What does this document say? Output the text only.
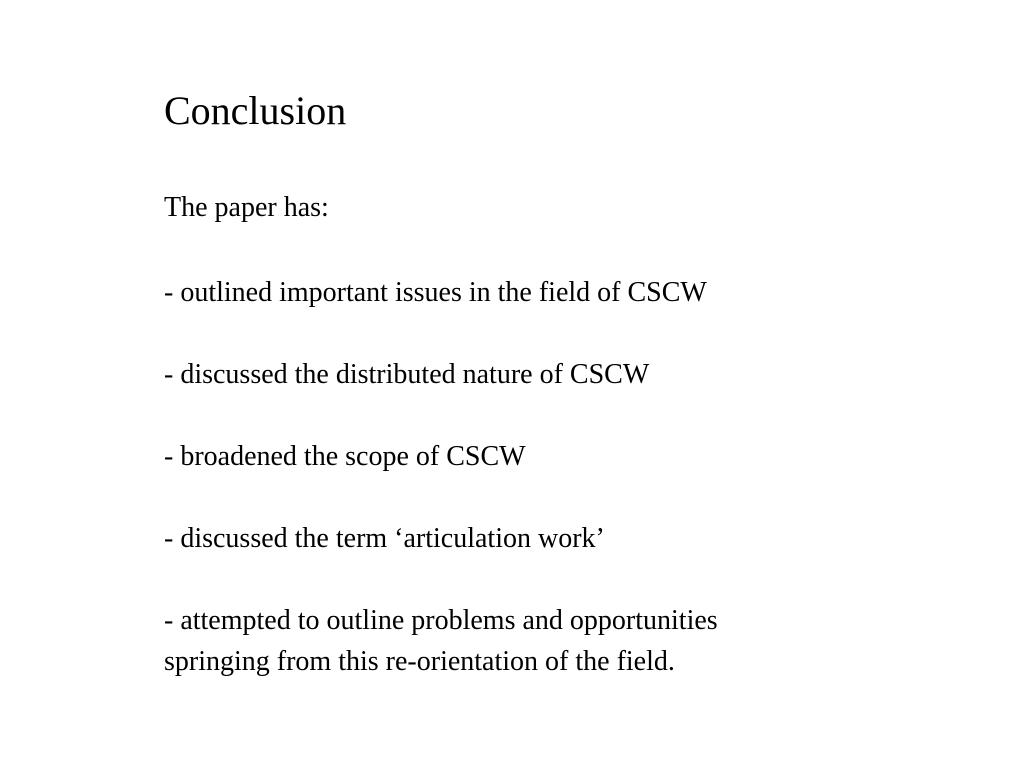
Conclusion

The paper has:

- outlined important issues in the field of CSCW
- discussed the distributed nature of CSCW
- broadened the scope of CSCW
- discussed the term ‘articulation work’
- attempted to outline problems and opportunities
springing from this re-orientation of the field.
